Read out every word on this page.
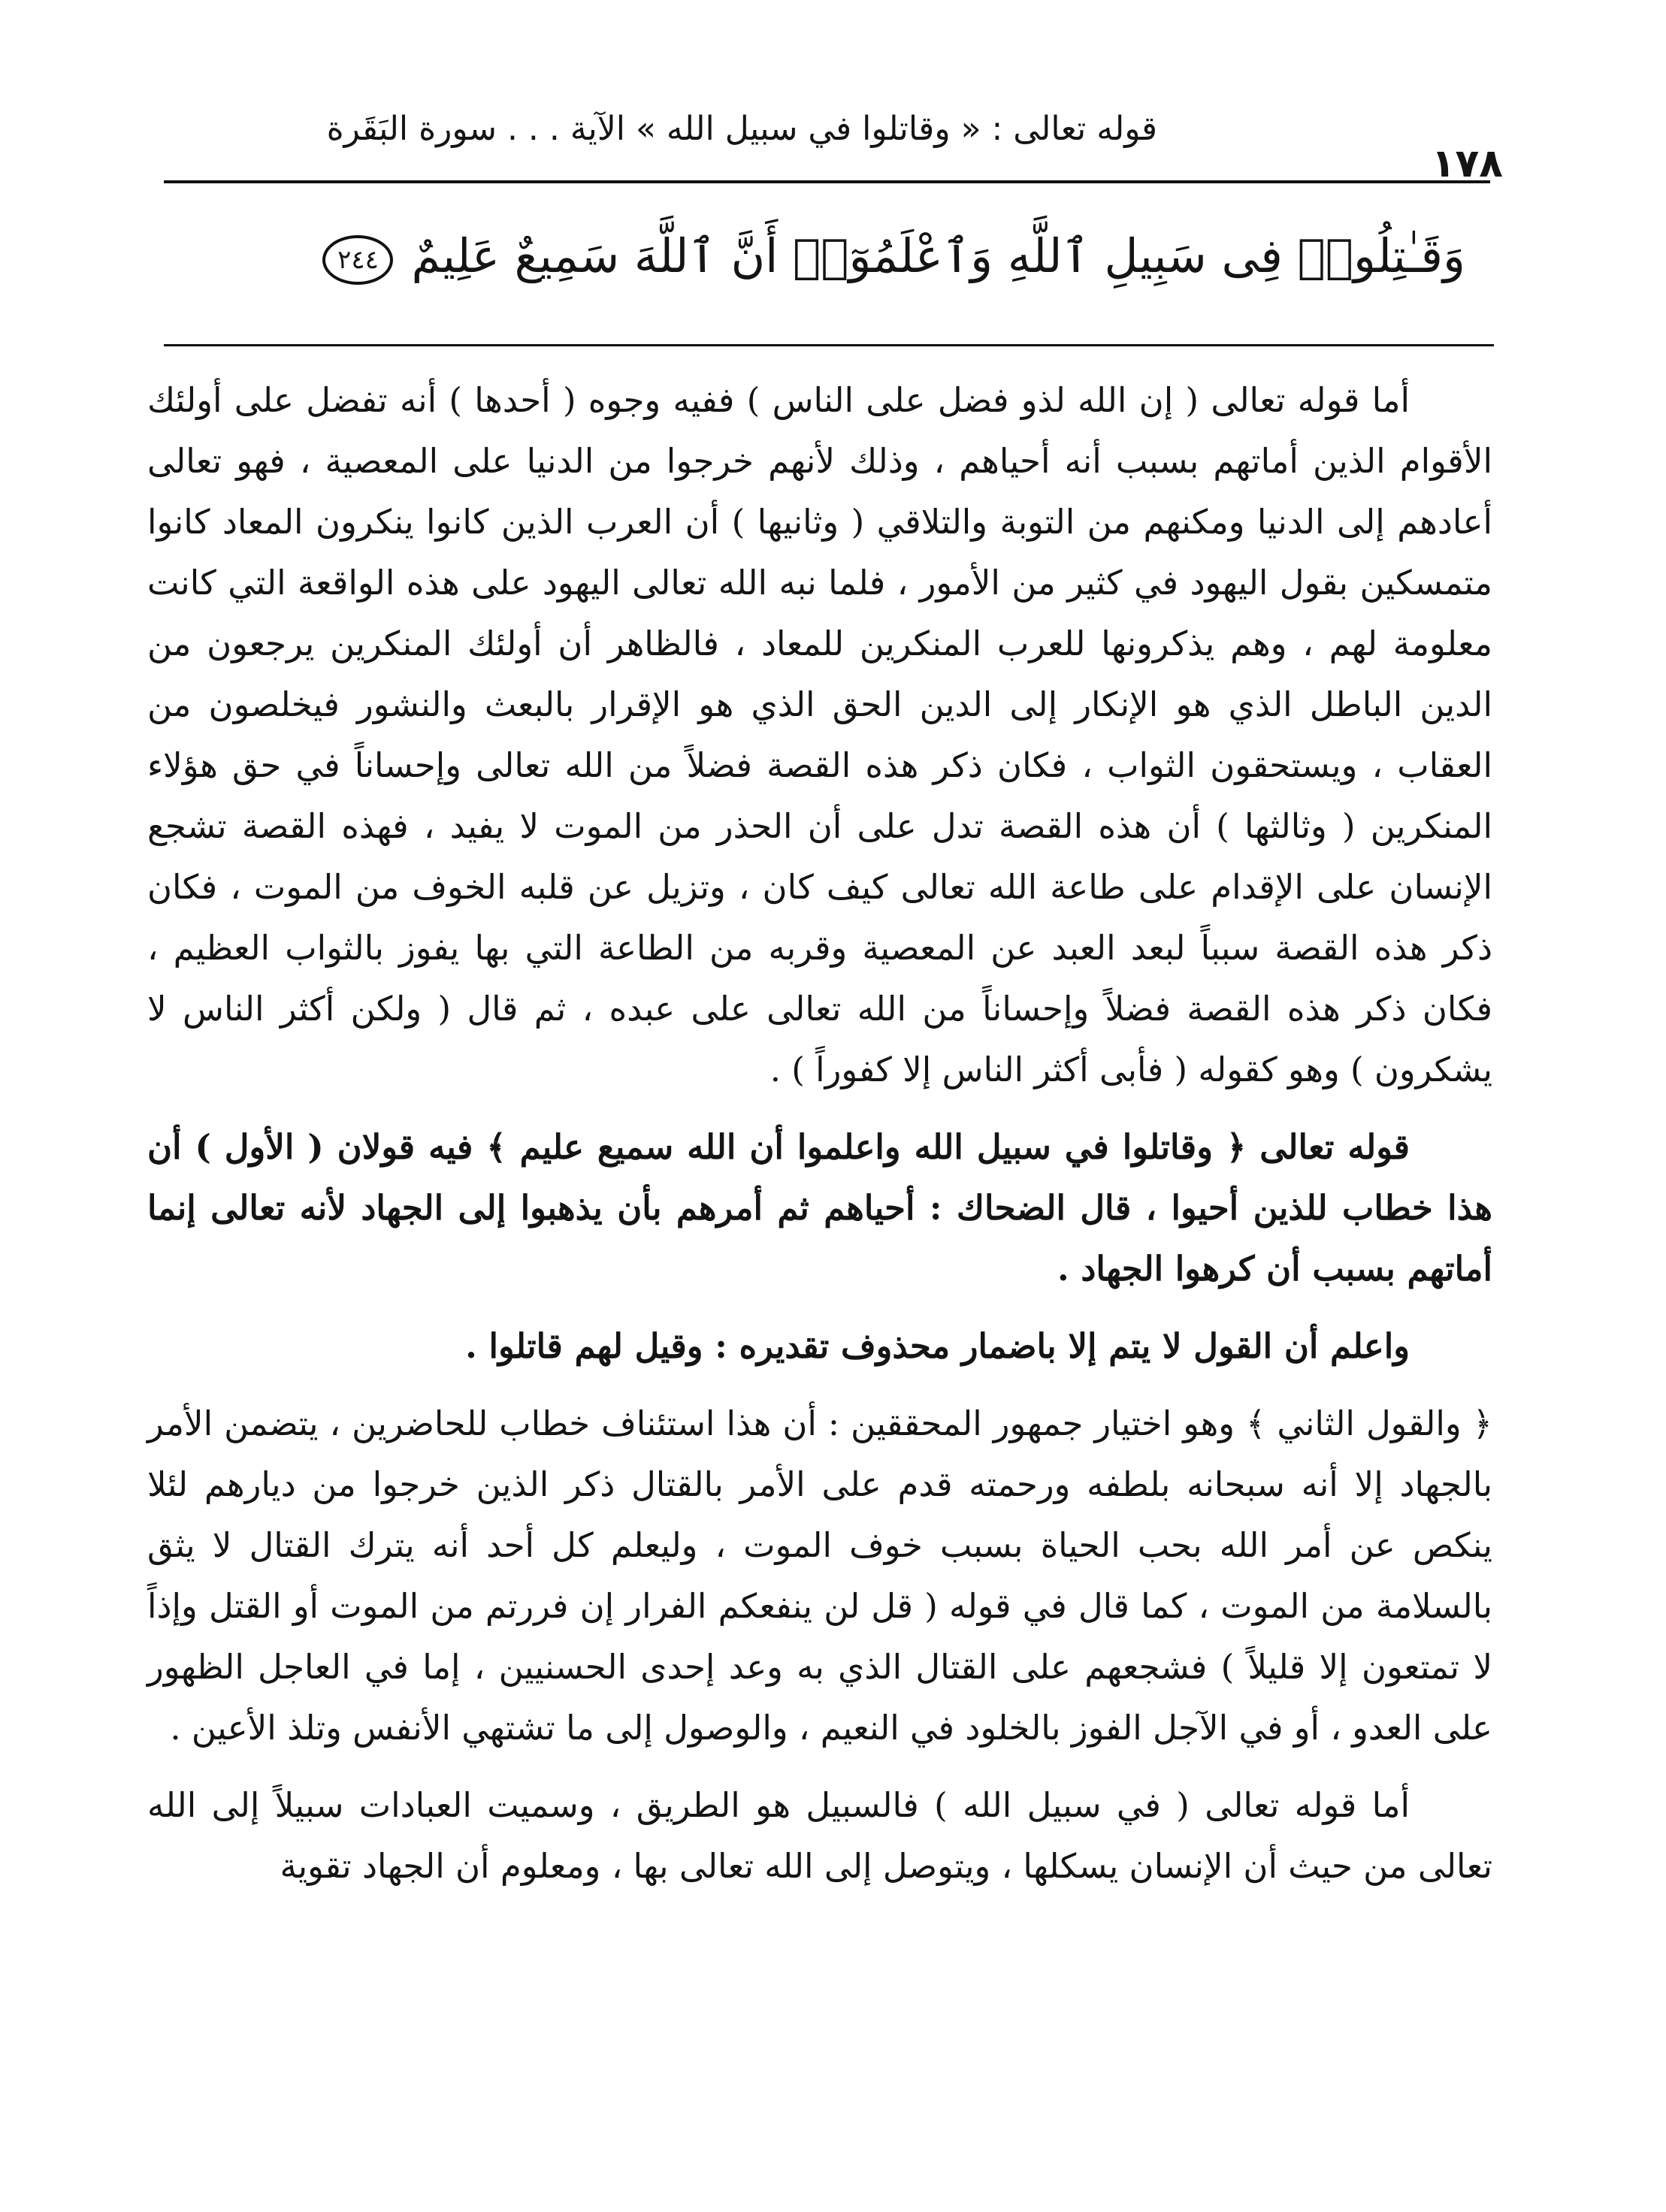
قوله تعالى : « وقاتلوا في سبيل الله » الآية . . . سورة البَقَرة
١٧٨
وَقَـٰتِلُوا۟ فِى سَبِيلِ ٱللَّهِ وَٱعْلَمُوٓا۟ أَنَّ ٱللَّهَ سَمِيعٌ عَلِيمٌ٢٤٤

أما قوله تعالى ( إن الله لذو فضل على الناس ) ففيه وجوه ( أحدها ) أنه تفضل على أولئك الأقوام الذين أماتهم بسبب أنه أحياهم ، وذلك لأنهم خرجوا من الدنيا على المعصية ، فهو تعالى أعادهم إلى الدنيا ومكنهم من التوبة والتلاقي ( وثانيها ) أن العرب الذين كانوا ينكرون المعاد كانوا متمسكين بقول اليهود في كثير من الأمور ، فلما نبه الله تعالى اليهود على هذه الواقعة التي كانت معلومة لهم ، وهم يذكرونها للعرب المنكرين للمعاد ، فالظاهر أن أولئك المنكرين يرجعون من الدين الباطل الذي هو الإنكار إلى الدين الحق الذي هو الإقرار بالبعث والنشور فيخلصون من العقاب ، ويستحقون الثواب ، فكان ذكر هذه القصة فضلاً من الله تعالى وإحساناً في حق هؤلاء المنكرين ( وثالثها ) أن هذه القصة تدل على أن الحذر من الموت لا يفيد ، فهذه القصة تشجع الإنسان على الإقدام على طاعة الله تعالى كيف كان ، وتزيل عن قلبه الخوف من الموت ، فكان ذكر هذه القصة سبباً لبعد العبد عن المعصية وقربه من الطاعة التي بها يفوز بالثواب العظيم ، فكان ذكر هذه القصة فضلاً وإحساناً من الله تعالى على عبده ، ثم قال ( ولكن أكثر الناس لا يشكرون ) وهو كقوله ( فأبى أكثر الناس إلا كفوراً ) .

قوله تعالى ﴿ وقاتلوا في سبيل الله واعلموا أن الله سميع عليم ﴾ فيه قولان ( الأول ) أن هذا خطاب للذين أحيوا ، قال الضحاك : أحياهم ثم أمرهم بأن يذهبوا إلى الجهاد لأنه تعالى إنما أماتهم بسبب أن كرهوا الجهاد .

واعلم أن القول لا يتم إلا باضمار محذوف تقديره : وقيل لهم قاتلوا .

﴿ والقول الثاني ﴾ وهو اختيار جمهور المحققين : أن هذا استئناف خطاب للحاضرين ، يتضمن الأمر بالجهاد إلا أنه سبحانه بلطفه ورحمته قدم على الأمر بالقتال ذكر الذين خرجوا من ديارهم لئلا ينكص عن أمر الله بحب الحياة بسبب خوف الموت ، وليعلم كل أحد أنه يترك القتال لا يثق بالسلامة من الموت ، كما قال في قوله ( قل لن ينفعكم الفرار إن فررتم من الموت أو القتل وإذاً لا تمتعون إلا قليلاً ) فشجعهم على القتال الذي به وعد إحدى الحسنيين ، إما في العاجل الظهور على العدو ، أو في الآجل الفوز بالخلود في النعيم ، والوصول إلى ما تشتهي الأنفس وتلذ الأعين .

أما قوله تعالى ( في سبيل الله ) فالسبيل هو الطريق ، وسميت العبادات سبيلاً إلى الله تعالى من حيث أن الإنسان يسكلها ، ويتوصل إلى الله تعالى بها ، ومعلوم أن الجهاد تقوية
